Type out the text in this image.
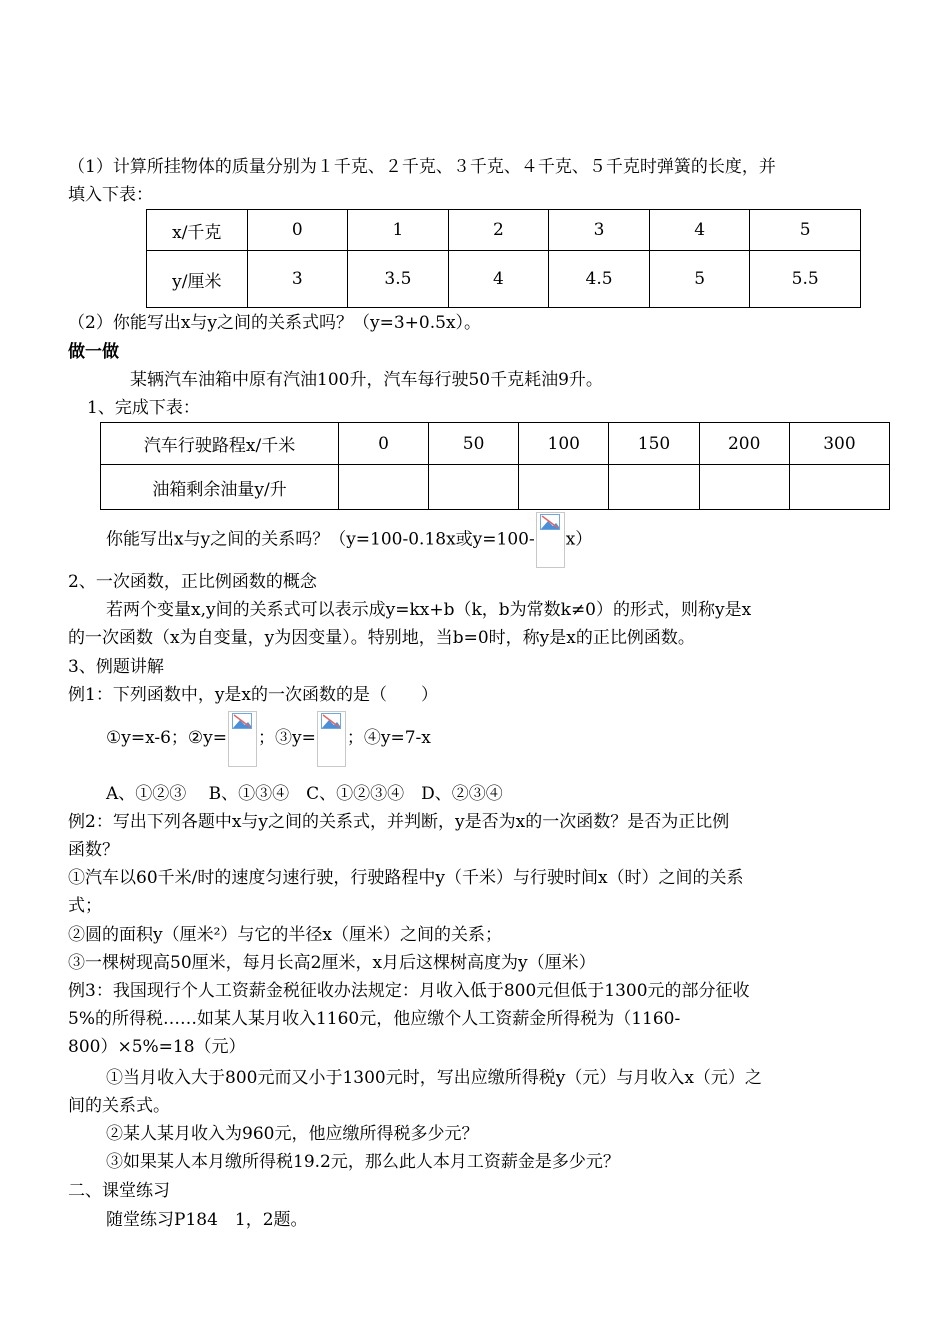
（1）计算所挂物体的质量分别为１千克、２千克、３千克、４千克、５千克时弹簧的长度，并
填入下表：
x/千克	0	1	2	3	4	5
y/厘米	3	3.5	4	4.5	5	5.5
（2）你能写出x与y之间的关系式吗？（y=3+0.5x）。
做一做
某辆汽车油箱中原有汽油100升，汽车每行驶50千克耗油9升。
1、完成下表：
汽车行驶路程x/千米	0	50	100	150	200	300
油箱剩余油量y/升						
你能写出x与y之间的关系吗？（y=100-0.18x或y=100- x）
2、一次函数，正比例函数的概念
若两个变量x,y间的关系式可以表示成y=kx+b（k，b为常数k≠0）的形式，则称y是x
的一次函数（x为自变量，y为因变量）。特别地，当b=0时，称y是x的正比例函数。
3、例题讲解
例1：下列函数中，y是x的一次函数的是（　　）
①y=x-6；②y= ；③y= ；④y=7-x
A、①②③　 B、①③④　C、①②③④　D、②③④
例2：写出下列各题中x与y之间的关系式，并判断，y是否为x的一次函数？是否为正比例
函数？
①汽车以60千米/时的速度匀速行驶，行驶路程中y（千米）与行驶时间x（时）之间的关系
式；
②圆的面积y（厘米²）与它的半径x（厘米）之间的关系；
③一棵树现高50厘米，每月长高2厘米，x月后这棵树高度为y（厘米）
例3：我国现行个人工资薪金税征收办法规定：月收入低于800元但低于1300元的部分征收
5%的所得税……如某人某月收入1160元，他应缴个人工资薪金所得税为（1160-
800）×5%=18（元）
①当月收入大于800元而又小于1300元时，写出应缴所得税y（元）与月收入x（元）之
间的关系式。
②某人某月收入为960元，他应缴所得税多少元？
③如果某人本月缴所得税19.2元，那么此人本月工资薪金是多少元？
二、课堂练习
随堂练习P184　1，2题。
